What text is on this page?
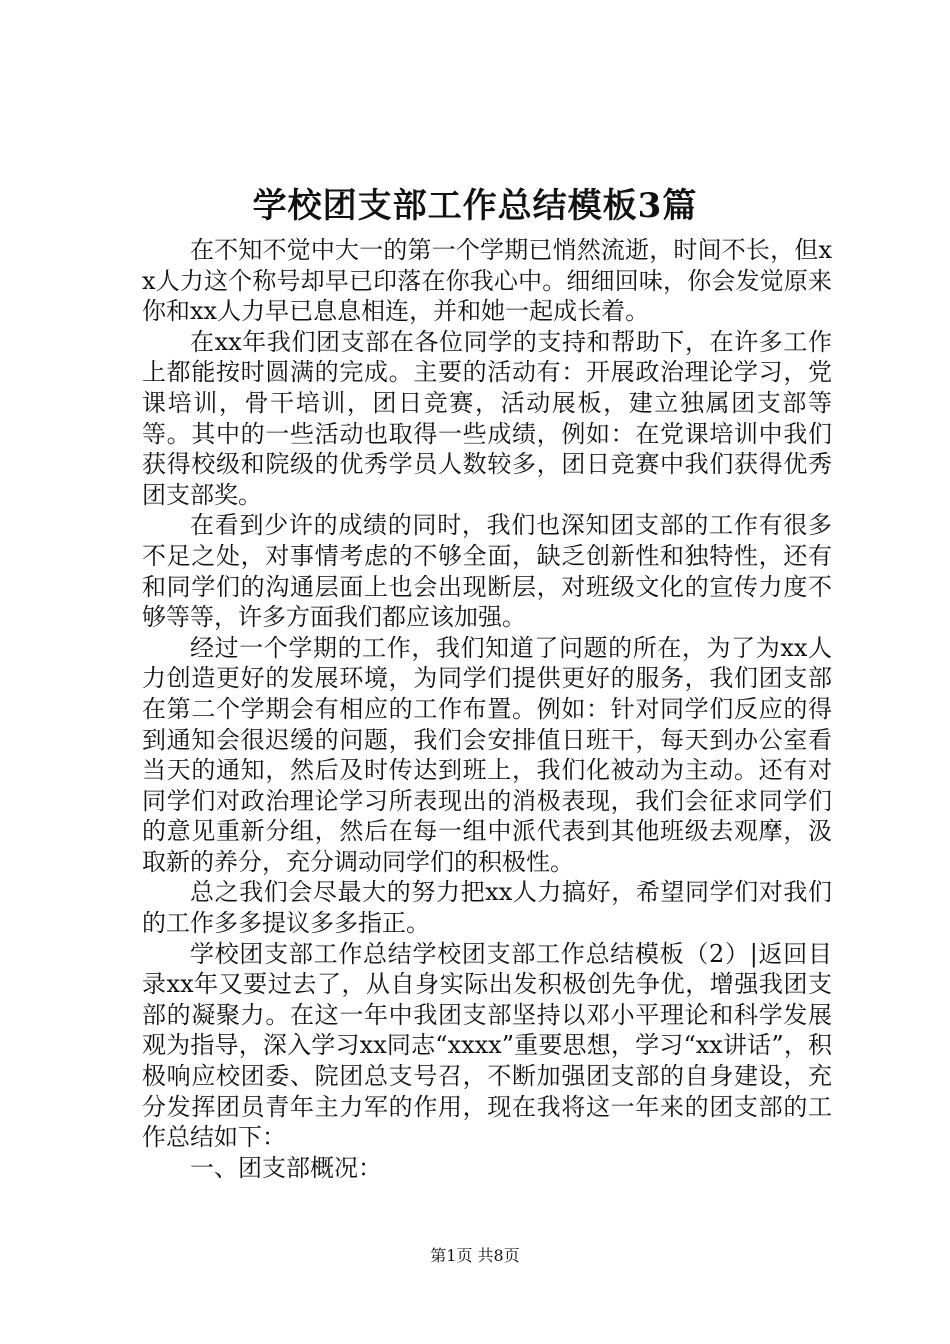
学校团支部工作总结模板3篇

在不知不觉中大一的第一个学期已悄然流逝，时间不长，但xx人力这个称号却早已印落在你我心中。细细回味，你会发觉原来你和xx人力早已息息相连，并和她一起成长着。

在xx年我们团支部在各位同学的支持和帮助下，在许多工作上都能按时圆满的完成。主要的活动有：开展政治理论学习，党课培训，骨干培训，团日竞赛，活动展板，建立独属团支部等等。其中的一些活动也取得一些成绩，例如：在党课培训中我们获得校级和院级的优秀学员人数较多，团日竞赛中我们获得优秀团支部奖。

在看到少许的成绩的同时，我们也深知团支部的工作有很多不足之处，对事情考虑的不够全面，缺乏创新性和独特性，还有和同学们的沟通层面上也会出现断层，对班级文化的宣传力度不够等等，许多方面我们都应该加强。

经过一个学期的工作，我们知道了问题的所在，为了为xx人力创造更好的发展环境，为同学们提供更好的服务，我们团支部在第二个学期会有相应的工作布置。例如：针对同学们反应的得到通知会很迟缓的问题，我们会安排值日班干，每天到办公室看当天的通知，然后及时传达到班上，我们化被动为主动。还有对同学们对政治理论学习所表现出的消极表现，我们会征求同学们的意见重新分组，然后在每一组中派代表到其他班级去观摩，汲取新的养分，充分调动同学们的积极性。

总之我们会尽最大的努力把xx人力搞好，希望同学们对我们的工作多多提议多多指正。

学校团支部工作总结学校团支部工作总结模板（2）|返回目录xx年又要过去了，从自身实际出发积极创先争优，增强我团支部的凝聚力。在这一年中我团支部坚持以邓小平理论和科学发展观为指导，深入学习xx同志“xxxx”重要思想，学习“xx讲话”，积极响应校团委、院团总支号召，不断加强团支部的自身建设，充分发挥团员青年主力军的作用，现在我将这一年来的团支部的工作总结如下：

一、团支部概况：

第1页 共8页
